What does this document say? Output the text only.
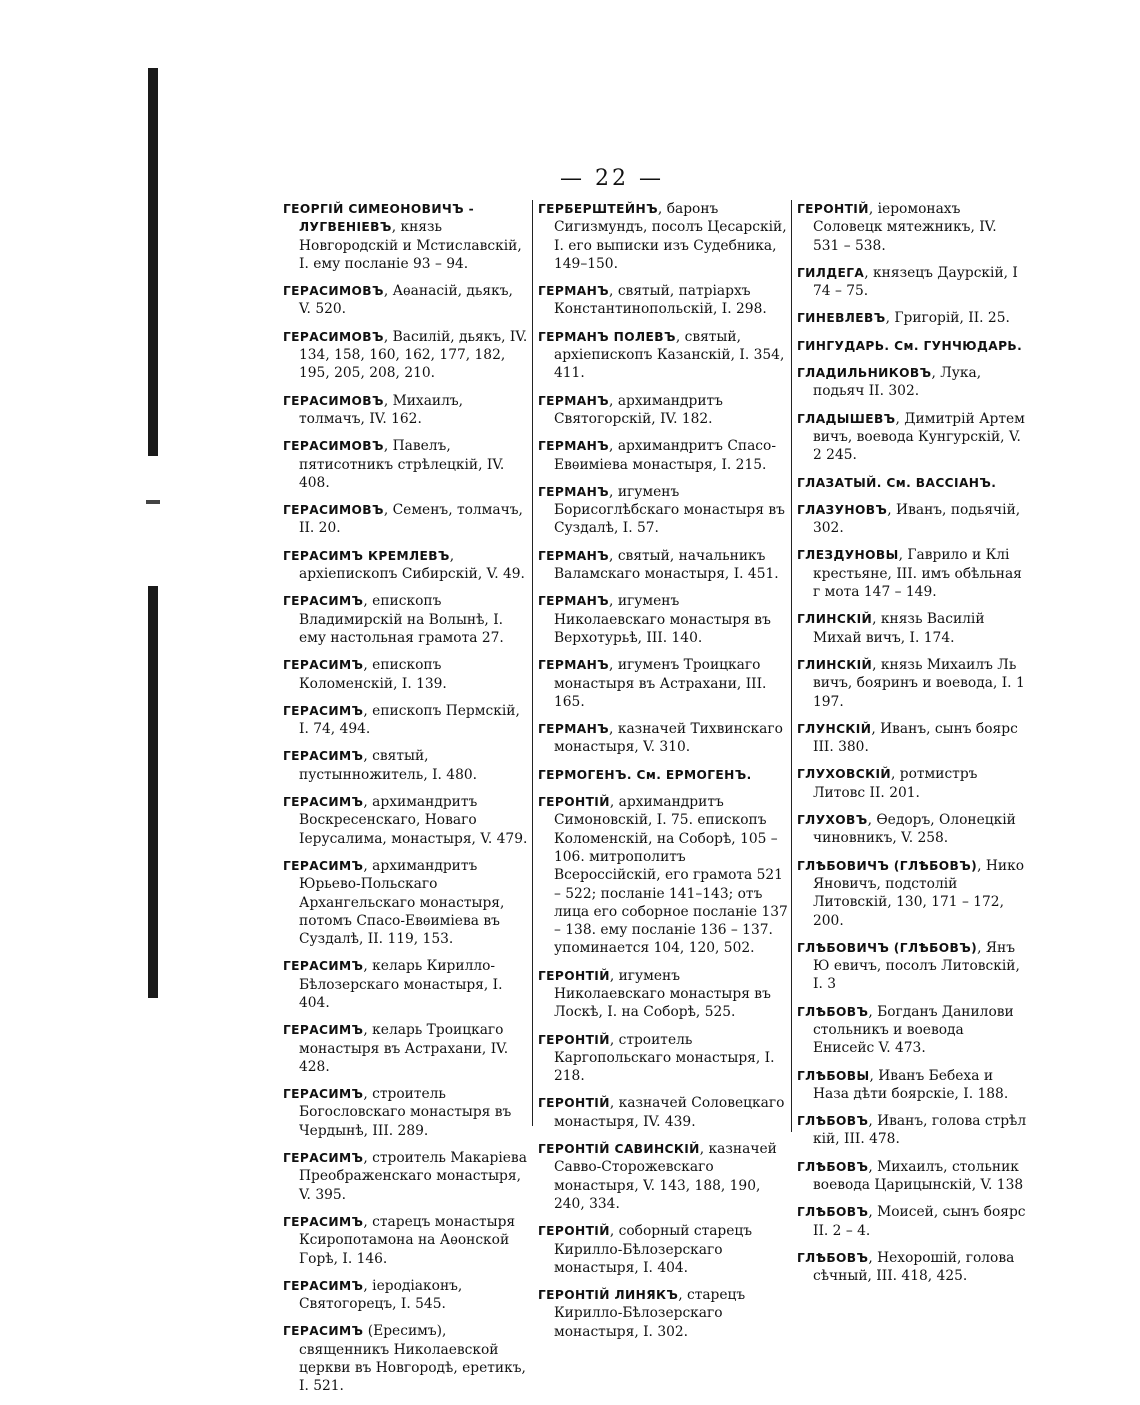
— 22 —
ГЕОРГІЙ СИМЕОНОВИЧЪ - ЛУГВЕНІЕВЪ, князь Новгородскій и Мстиславскій, I. ему посланіе 93 – 94.
ГЕРАСИМОВЪ, Аѳанасій, дьякъ, V. 520.
ГЕРАСИМОВЪ, Василій, дьякъ, IV. 134, 158, 160, 162, 177, 182, 195, 205, 208, 210.
ГЕРАСИМОВЪ, Михаилъ, толмачъ, IV. 162.
ГЕРАСИМОВЪ, Павелъ, пятисотникъ стрѣлецкій, IV. 408.
ГЕРАСИМОВЪ, Семенъ, толмачъ, II. 20.
ГЕРАСИМЪ КРЕМЛЕВЪ, архіепископъ Сибирскій, V. 49.
ГЕРАСИМЪ, епископъ Владимирскій на Волынѣ, I. ему настольная грамота 27.
ГЕРАСИМЪ, епископъ Коломенскій, I. 139.
ГЕРАСИМЪ, епископъ Пермскій, I. 74, 494.
ГЕРАСИМЪ, святый, пустынножитель, I. 480.
ГЕРАСИМЪ, архимандритъ Воскресенскаго, Новаго Іерусалима, монастыря, V. 479.
ГЕРАСИМЪ, архимандритъ Юрьево-Польскаго Архангельскаго монастыря, потомъ Спасо-Евѳиміева въ Суздалѣ, II. 119, 153.
ГЕРАСИМЪ, келарь Кирилло-Бѣлозерскаго монастыря, I. 404.
ГЕРАСИМЪ, келарь Троицкаго монастыря въ Астрахани, IV. 428.
ГЕРАСИМЪ, строитель Богословскаго монастыря въ Чердынѣ, III. 289.
ГЕРАСИМЪ, строитель Макаріева Преображенскаго монастыря, V. 395.
ГЕРАСИМЪ, старецъ монастыря Ксиропотамона на Аѳонской Горѣ, I. 146.
ГЕРАСИМЪ, іеродіаконъ, Святогорецъ, I. 545.
ГЕРАСИМЪ (Ересимъ), священникъ Николаевской церкви въ Новгородѣ, еретикъ, I. 521.
ГЕРБЕРШТЕЙНЪ, баронъ Сигизмундъ, посолъ Цесарскій, I. его выписки изъ Судебника, 149–150.
ГЕРМАНЪ, святый, патріархъ Константинопольскій, I. 298.
ГЕРМАНЪ ПОЛЕВЪ, святый, архіепископъ Казанскій, I. 354, 411.
ГЕРМАНЪ, архимандритъ Святогорскій, IV. 182.
ГЕРМАНЪ, архимандритъ Спасо-Евѳиміева монастыря, I. 215.
ГЕРМАНЪ, игуменъ Борисоглѣбскаго монастыря въ Суздалѣ, I. 57.
ГЕРМАНЪ, святый, начальникъ Валамскаго монастыря, I. 451.
ГЕРМАНЪ, игуменъ Николаевскаго монастыря въ Верхотурьѣ, III. 140.
ГЕРМАНЪ, игуменъ Троицкаго монастыря въ Астрахани, III. 165.
ГЕРМАНЪ, казначей Тихвинскаго монастыря, V. 310.
ГЕРМОГЕНЪ. См. ЕРМОГЕНЪ.
ГЕРОНТІЙ, архимандритъ Симоновскій, I. 75. епископъ Коломенскій, на Соборѣ, 105 – 106. митрополитъ Всероссійскій, его грамота 521 – 522; посланіе 141–143; отъ лица его соборное посланіе 137 – 138. ему посланіе 136 – 137. упоминается 104, 120, 502.
ГЕРОНТІЙ, игуменъ Николаевскаго монастыря въ Лоскѣ, I. на Соборѣ, 525.
ГЕРОНТІЙ, строитель Каргопольскаго монастыря, I. 218.
ГЕРОНТІЙ, казначей Соловецкаго монастыря, IV. 439.
ГЕРОНТІЙ САВИНСКІЙ, казначей Савво-Сторожевскаго монастыря, V. 143, 188, 190, 240, 334.
ГЕРОНТІЙ, соборный старецъ Кирилло-Бѣлозерскаго монастыря, I. 404.
ГЕРОНТІЙ ЛИНЯКЪ, старецъ Кирилло-Бѣлозерскаго монастыря, I. 302.
ГЕРОНТІЙ, іеромонахъ Соловецк мятежникъ, IV. 531 – 538.
ГИЛДЕГА, князецъ Даурскій, I 74 – 75.
ГИНЕВЛЕВЪ, Григорій, II. 25.
ГИНГУДАРЬ. См. ГУНЧЮДАРЬ.
ГЛАДИЛЬНИКОВЪ, Лука, подьяч II. 302.
ГЛАДЫШЕВЪ, Димитрій Артем вичъ, воевода Кунгурскій, V. 2 245.
ГЛАЗАТЫЙ. См. ВАССІАНЪ.
ГЛАЗУНОВЪ, Иванъ, подьячій, 302.
ГЛЕЗДУНОВЫ, Гаврило и Клі крестьяне, III. имъ обѣльная г мота 147 – 149.
ГЛИНСКІЙ, князь Василій Михай вичъ, I. 174.
ГЛИНСКІЙ, князь Михаилъ Ль вичъ, бояринъ и воевода, I. 1 197.
ГЛУНСКІЙ, Иванъ, сынъ боярс III. 380.
ГЛУХОВСКІЙ, ротмистръ Литовс II. 201.
ГЛУХОВЪ, Ѳедоръ, Олонецкій чиновникъ, V. 258.
ГЛѢБОВИЧЪ (ГЛѢБОВЪ), Нико Яновичъ, подстолій Литовскій, 130, 171 – 172, 200.
ГЛѢБОВИЧЪ (ГЛѢБОВЪ), Янъ Ю евичъ, посолъ Литовскій, I. 3
ГЛѢБОВЪ, Богданъ Данилови стольникъ и воевода Енисейс V. 473.
ГЛѢБОВЫ, Иванъ Бебеха и Наза дѣти боярскіе, I. 188.
ГЛѢБОВЪ, Иванъ, голова стрѣл кій, III. 478.
ГЛѢБОВЪ, Михаилъ, стольник воевода Царицынскій, V. 138
ГЛѢБОВЪ, Моисей, сынъ боярс II. 2 – 4.
ГЛѢБОВЪ, Нехорошій, голова сѣчный, III. 418, 425.
